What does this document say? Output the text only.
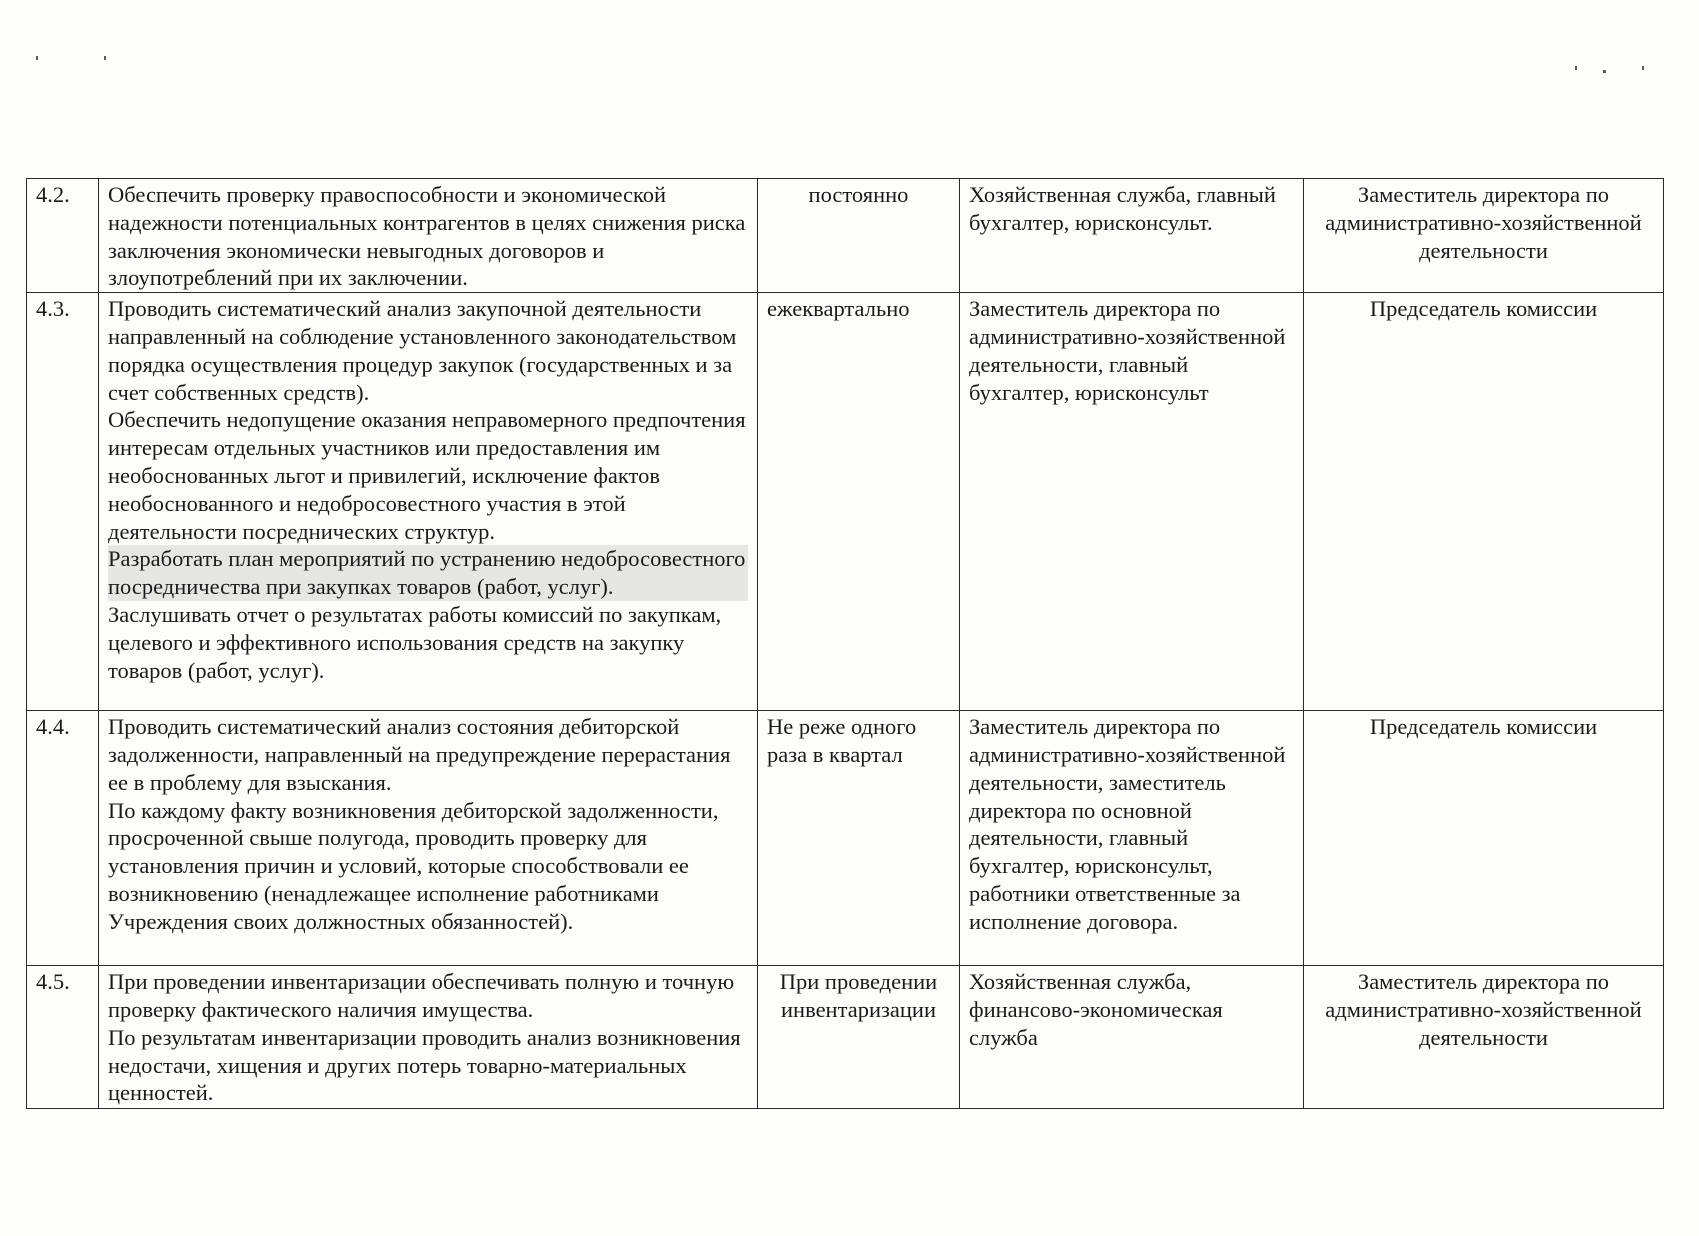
4.2.	Обеспечить проверку правоспособности и экономической надежности потенциальных контрагентов в целях снижения риска заключения экономически невыгодных договоров и злоупотреблений при их заключении.	постоянно	Хозяйственная служба, главный бухгалтер, юрисконсульт.	Заместитель директора по административно-хозяйственной деятельности
4.3.	Проводить систематический анализ закупочной деятельности направленный на соблюдение установленного законодательством порядка осуществления процедур закупок (государственных и за счет собственных средств).
Обеспечить недопущение оказания неправомерного предпочтения интересам отдельных участников или предоставления им необоснованных льгот и привилегий, исключение фактов необоснованного и недобросовестного участия в этой деятельности посреднических структур.
Разработать план мероприятий по устранению недобросовестного посредничества при закупках товаров (работ, услуг).
Заслушивать отчет о результатах работы комиссий по закупкам, целевого и эффективного использования средств на закупку товаров (работ, услуг).	ежеквартально	Заместитель директора по административно-хозяйственной деятельности, главный бухгалтер, юрисконсульт	Председатель комиссии
4.4.	Проводить систематический анализ состояния дебиторской задолженности, направленный на предупреждение перерастания ее в проблему для взыскания.
По каждому факту возникновения дебиторской задолженности, просроченной свыше полугода, проводить проверку для установления причин и условий, которые способствовали ее возникновению (ненадлежащее исполнение работниками Учреждения своих должностных обязанностей).	Не реже одного раза в квартал	Заместитель директора по административно-хозяйственной деятельности, заместитель директора по основной деятельности, главный бухгалтер, юрисконсульт, работники ответственные за исполнение договора.	Председатель комиссии
4.5.	При проведении инвентаризации обеспечивать полную и точную проверку фактического наличия имущества.
По результатам инвентаризации проводить анализ возникновения недостачи, хищения и других потерь товарно-материальных ценностей.	При проведении инвентаризации	Хозяйственная служба, финансово-экономическая служба	Заместитель директора по административно-хозяйственной деятельности
